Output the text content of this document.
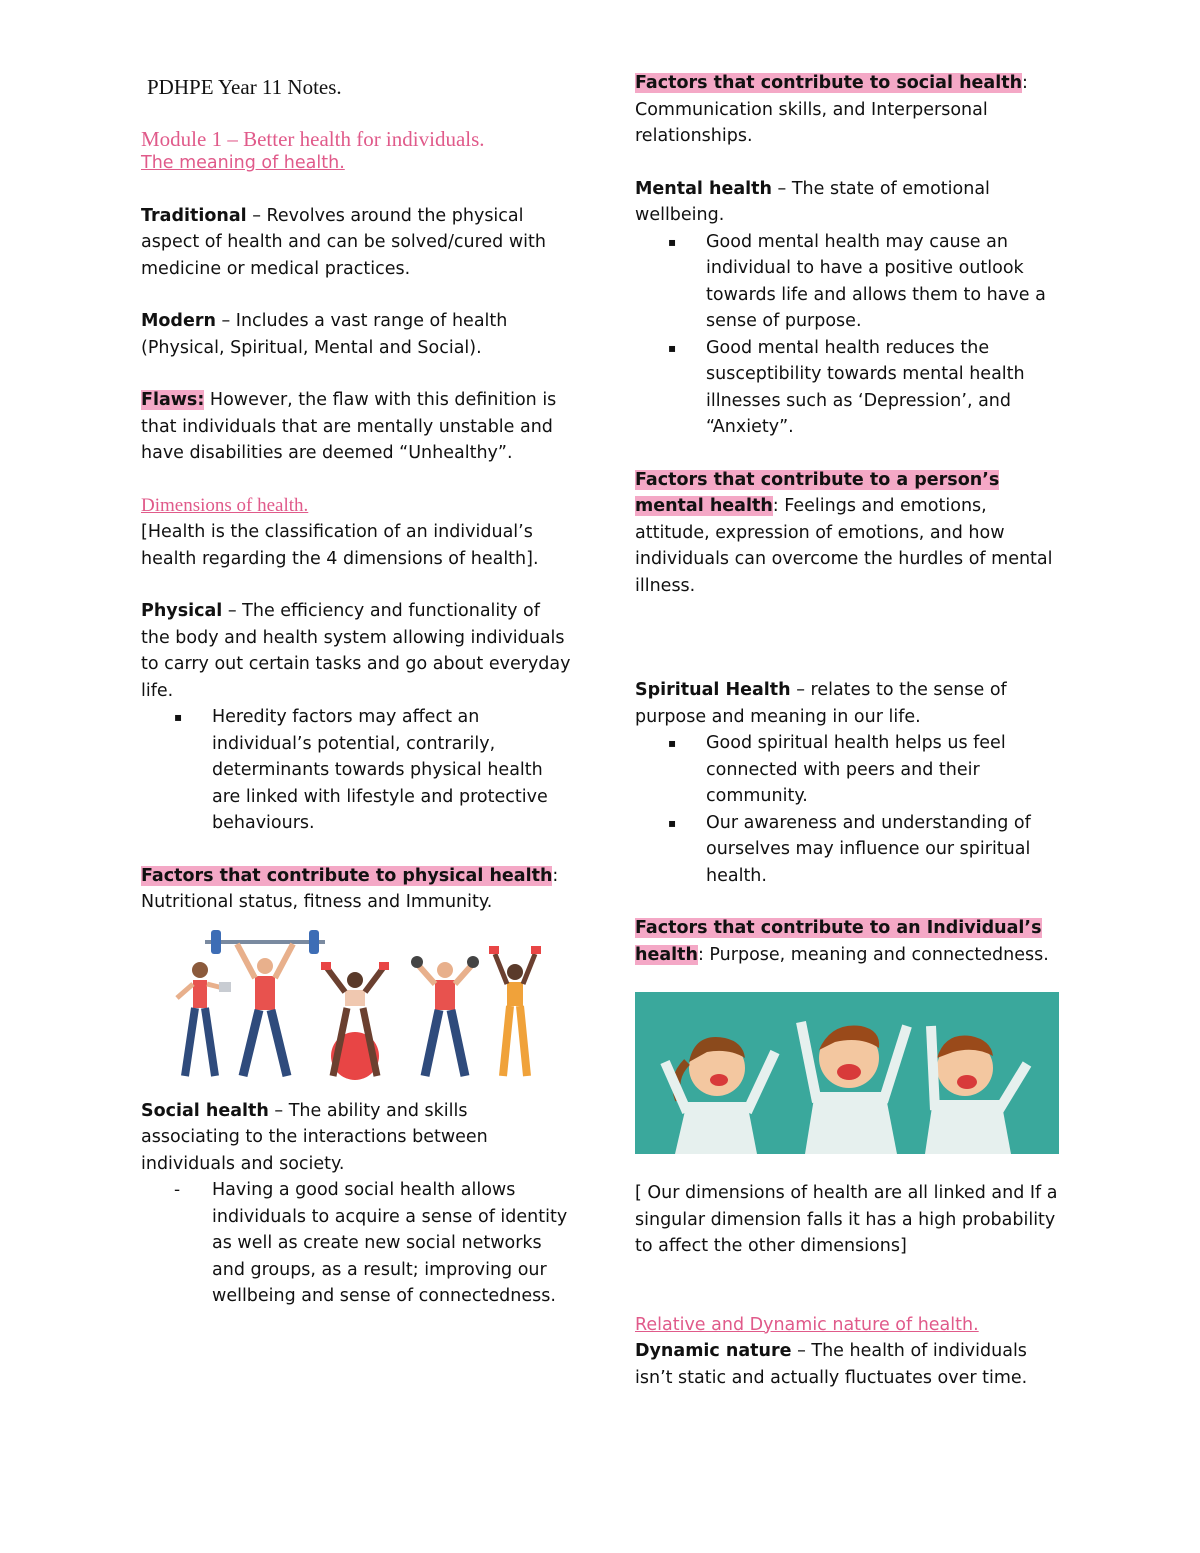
PDHPE Year 11 Notes.

Module 1 – Better health for individuals.

The meaning of health.

Traditional – Revolves around the physical aspect of health and can be solved/cured with medicine or medical practices.

Modern – Includes a vast range of health (Physical, Spiritual, Mental and Social).

Flaws: However, the flaw with this definition is that individuals that are mentally unstable and have disabilities are deemed “Unhealthy”.

Dimensions of health.

[Health is the classification of an individual’s health regarding the 4 dimensions of health].

Physical – The efficiency and functionality of the body and health system allowing individuals to carry out certain tasks and go about everyday life.

▪ Heredity factors may affect an individual’s potential, contrarily, determinants towards physical health are linked with lifestyle and protective behaviours.

Factors that contribute to physical health:
Nutritional status, fitness and Immunity.

Social health – The ability and skills associating to the interactions between individuals and society.

- Having a good social health allows individuals to acquire a sense of identity as well as create new social networks and groups, as a result; improving our wellbeing and sense of connectedness.

Factors that contribute to social health:
Communication skills, and Interpersonal relationships.

Mental health – The state of emotional wellbeing.

▪ Good mental health may cause an individual to have a positive outlook towards life and allows them to have a sense of purpose.
▪ Good mental health reduces the susceptibility towards mental health illnesses such as ‘Depression’, and “Anxiety”.

Factors that contribute to a person’s mental health: Feelings and emotions, attitude, expression of emotions, and how individuals can overcome the hurdles of mental illness.

Spiritual Health – relates to the sense of purpose and meaning in our life.

▪ Good spiritual health helps us feel connected with peers and their community.
▪ Our awareness and understanding of ourselves may influence our spiritual health.

Factors that contribute to an Individual’s health: Purpose, meaning and connectedness.

[ Our dimensions of health are all linked and If a singular dimension falls it has a high probability to affect the other dimensions]

Relative and Dynamic nature of health.

Dynamic nature – The health of individuals isn’t static and actually fluctuates over time.
